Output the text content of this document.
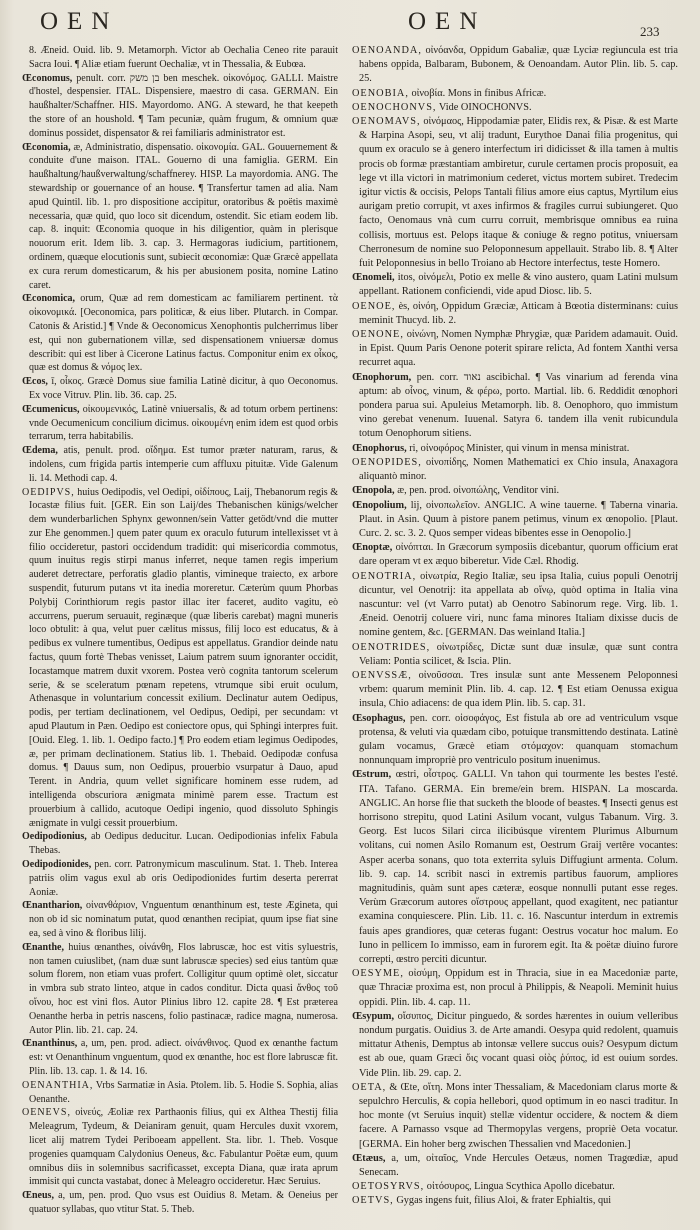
OEN	OEN	233

8. Æneid. Ouid. lib. 9. Metamorph. Victor ab Oechalia Ceneo rite parauit Sacra Ioui. ¶ Aliæ etiam fuerunt Oechaliæ, vt in Thessalia, & Eubœa.

Œconomus, penult. corr. בן משק ben meschek. οἰκονόμος. GALLI. Maistre d'hostel, despensier. ITAL. Dispensiere, maestro di casa. GERMAN. Ein haußhalter/Schaffner. HIS. Mayordomo. ANG. A steward, he that keepeth the store of an houshold. ¶ Tam pecuniæ, quàm frugum, & omnium quæ dominus possidet, dispensator & rei familiaris administrator est.

Œconomia, æ, Administratio, dispensatio. οἰκονομία. GAL. Gouuernement & conduite d'une maison. ITAL. Gouerno di una famiglia. GERM. Ein haußhaltung/haußverwaltung/schaffnerey. HISP. La mayordomia. ANG. The stewardship or gouernance of an house. ¶ Transfertur tamen ad alia. Nam apud Quintil. lib. 1. pro dispositione accipitur, oratoribus & poëtis maximè necessaria, quæ quid, quo loco sit dicendum, ostendit. Sic etiam eodem lib. cap. 8. inquit: Œconomia quoque in his diligentior, quàm in plerisque nouorum erit. Idem lib. 3. cap. 3. Hermagoras iudicium, partitionem, ordinem, quæque elocutionis sunt, subiecit œconomiæ: Quæ Græcè appellata ex cura rerum domesticarum, & his per abusionem posita, nomine Latino caret.

Œconomica, orum, Quæ ad rem domesticam ac familiarem pertinent. τὰ οἰκονομικά. [Oeconomica, pars politicæ, & eius liber. Plutarch. in Compar. Catonis & Aristid.] ¶ Vnde & Oeconomicus Xenophontis pulcherrimus liber est, qui non gubernationem villæ, sed dispensationem vniuersæ domus describit: qui est liber à Cicerone Latinus factus. Componitur enim ex οἶκος, quæ est domus & νόμος lex.

Œcos, ī, οἶκος. Græcè Domus siue familia Latinè dicitur, à quo Oeconomus. Ex voce Vitruv. Plin. lib. 36. cap. 25.

Œcumenicus, οἰκουμενικός, Latinè vniuersalis, & ad totum orbem pertinens: vnde Oecumenicum concilium dicimus. οἰκουμένη enim idem est quod orbis terrarum, terra habitabilis.

Œdema, atis, penult. prod. οἴδημα. Est tumor præter naturam, rarus, & indolens, cum frigida partis intemperie cum affluxu pituitæ. Vide Galenum li. 14. Methodi cap. 4.

OEDIPVS, huius Oedipodis, vel Oedipi, οἰδίπους, Laij, Thebanorum regis & Iocastæ filius fuit. [GER. Ein son Laij/des Thebanischen künigs/welcher dem wunderbarlichen Sphynx gewonnen/sein Vatter getödt/vnd die mutter zur Ehe genommen.] quem pater quum ex oraculo futurum intellexisset vt à filio occideretur, pastori occidendum tradidit: qui misericordia commotus, quum inuitus regis stirpi manus inferret, neque tamen regis imperium auderet detrectare, perforatis gladio plantis, vimineque traiecto, ex arbore suspendit, futurum putans vt ita inedia moreretur. Cæterùm quum Phorbas Polybij Corinthiorum regis pastor illac iter faceret, audito vagitu, eò accurrens, puerum seruauit, reginæque (quæ liberis carebat) magni muneris loco obtulit: à qua, velut puer cælitus missus, filij loco est educatus, & à pedibus ex vulnere tumentibus, Oedipus est appellatus. Grandior deinde natu factus, quum fortè Thebas venisset, Laium patrem suum ignoranter occidit, Iocastamque matrem duxit vxorem. Postea verò cognita tantorum scelerum serie, & se sceleratum pœnam repetens, vtrumque sibi eruit oculum, Athenasque in voluntarium concessit exilium. Declinatur autem Oedipus, podis, per tertiam declinationem, vel Oedipus, Oedipi, per secundam: vt apud Plautum in Pæn. Oedipo est coniectore opus, qui Sphingi interpres fuit. [Ouid. Eleg. 1. lib. 1. Oedipo facto.] ¶ Pro eodem etiam legimus Oedipodes, æ, per primam declinationem. Statius lib. 1. Thebaid. Oedipodæ confusa domus. ¶ Dauus sum, non Oedipus, prouerbio vsurpatur à Dauo, apud Terent. in Andria, quum vellet significare hominem esse rudem, ad intelligenda obscuriora ænigmata minimè parem esse. Tractum est prouerbium à callido, acutoque Oedipi ingenio, quod dissoluto Sphingis ænigmate in vulgi cessit prouerbium.

Oedipodionius, ab Oedipus deducitur. Lucan. Oedipodionias infelix Fabula Thebas.

Oedipodionides, pen. corr. Patronymicum masculinum. Stat. 1. Theb. Interea patriis olim vagus exul ab oris Oedipodionides furtim deserta pererrat Aoniæ.

Œnantharion, οἰνανθάριον, Vnguentum œnanthinum est, teste Ægineta, qui non ob id sic nominatum putat, quod œnanthen recipiat, quum ipse fiat sine ea, sed à vino & floribus lilij.

Œnanthe, huius œnanthes, οἰνάνθη, Flos labruscæ, hoc est vitis syluestris, non tamen cuiuslibet, (nam duæ sunt labruscæ species) sed eius tantùm quæ solum florem, non etiam vuas profert. Colligitur quum optimè olet, siccatur in vmbra sub strato linteo, atque in cados conditur. Dicta quasi ἄνθος τοῦ οἴνου, hoc est vini flos. Autor Plinius libro 12. capite 28. ¶ Est præterea Oenanthe herba in petris nascens, folio pastinacæ, radice magna, numerosa. Autor Plin. lib. 21. cap. 24.

Œnanthinus, a, um, pen. prod. adiect. οἰνάνθινος. Quod ex œnanthe factum est: vt Oenanthinum vnguentum, quod ex œnanthe, hoc est flore labruscæ fit. Plin. lib. 13. cap. 1. & 14. 16.

OENANTHIA, Vrbs Sarmatiæ in Asia. Ptolem. lib. 5. Hodie S. Sophia, alias Oenanthe.

OENEVS, οἰνεύς, Æoliæ rex Parthaonis filius, qui ex Althea Thestij filia Meleagrum, Tydeum, & Deianiram genuit, quam Hercules duxit vxorem, licet alij matrem Tydei Periboeam appellent. Sta. libr. 1. Theb. Vosque progenies quamquam Calydonius Oeneus, &c. Fabulantur Poëtæ eum, quum omnibus diis in solemnibus sacrificasset, excepta Diana, quæ irata aprum immisit qui cuncta vastabat, donec à Meleagro occideretur. Hæc Seruius.

Œneus, a, um, pen. prod. Quo vsus est Ouidius 8. Metam. & Oeneius per quatuor syllabas, quo vtitur Stat. 5. Theb.

OENOANDA, οἰνόανδα, Oppidum Gabaliæ, quæ Lyciæ regiuncula est tria habens oppida, Balbaram, Bubonem, & Oenoandam. Autor Plin. lib. 5. cap. 25.

OENOBIA, οἰνοβία. Mons in finibus Africæ.

OENOCHONVS, Vide OINOCHONVS.

OENOMAVS, οἰνόμαος, Hippodamiæ pater, Elidis rex, & Pisæ. & est Marte & Harpina Asopi, seu, vt alij tradunt, Eurythoe Danai filia progenitus, qui quum ex oraculo se à genero interfectum iri didicisset & illa tamen à multis procis ob formæ præstantiam ambiretur, curule certamen procis proposuit, ea lege vt illa victori in matrimonium cederet, victus mortem subiret. Tredecim igitur victis & occisis, Pelops Tantali filius amore eius captus, Myrtilum eius aurigam pretio corrupit, vt axes infirmos & fragiles currui subiungeret. Quo facto, Oenomaus vnà cum curru corruit, membrisque omnibus ea ruina collisis, mortuus est. Pelops itaque & coniuge & regno potitus, vniuersam Cherronesum de nomine suo Peloponnesum appellauit. Strabo lib. 8. ¶ Alter fuit Peloponnesius in bello Troiano ab Hectore interfectus, teste Homero.

Œnomeli, itos, οἰνόμελι, Potio ex melle & vino austero, quam Latini mulsum appellant. Rationem conficiendi, vide apud Diosc. lib. 5.

OENOE, ès, οἰνόη, Oppidum Græciæ, Atticam à Bœotia disterminans: cuius meminit Thucyd. lib. 2.

OENONE, οἰνώνη, Nomen Nymphæ Phrygiæ, quæ Paridem adamauit. Ouid. in Epist. Quum Paris Oenone poterit spirare relicta, Ad fontem Xanthi versa recurret aqua.

Œnophorum, pen. corr. נאוד ascibichal. ¶ Vas vinarium ad ferenda vina aptum: ab οἶνος, vinum, & φέρω, porto. Martial. lib. 6. Reddidit œnophori pondera parua sui. Apuleius Metamorph. lib. 8. Oenophoro, quo immistum vino gerebat venenum. Iuuenal. Satyra 6. tandem illa venit rubicundula totum Oenophorum sitiens.

Œnophorus, ri, οἰνοφόρος Minister, qui vinum in mensa ministrat.

OENOPIDES, οἰνοπίδης, Nomen Mathematici ex Chio insula, Anaxagora aliquantò minor.

Œnopola, æ, pen. prod. οἰνοπώλης, Venditor vini.

Œnopolium, lij, οἰνοπωλεῖον. ANGLIC. A wine tauerne. ¶ Taberna vinaria. Plaut. in Asin. Quum à pistore panem petimus, vinum ex œnopolio. [Plaut. Curc. 2. sc. 3. 2. Quos semper videas bibentes esse in Oenopolio.]

Œnoptæ, οἰνόπται. In Græcorum symposiis dicebantur, quorum officium erat dare operam vt ex æquo biberetur. Vide Cæl. Rhodig.

OENOTRIA, οἰνωτρία, Regio Italiæ, seu ipsa Italia, cuius populi Oenotrij dicuntur, vel Oenotrij: ita appellata ab οἴνῳ, quòd optima in Italia vina nascuntur: vel (vt Varro putat) ab Oenotro Sabinorum rege. Virg. lib. 1. Æneid. Oenotrij coluere viri, nunc fama minores Italiam dixisse ducis de nomine gentem, &c. [GERMAN. Das weinland Italia.]

OENOTRIDES, οἰνωτρίδες, Dictæ sunt duæ insulæ, quæ sunt contra Veliam: Pontia scilicet, & Iscia. Plin.

OENVSSÆ, οἰνοῦσσαι. Tres insulæ sunt ante Messenem Peloponnesi vrbem: quarum meminit Plin. lib. 4. cap. 12. ¶ Est etiam Oenussa exigua insula, Chio adiacens: de qua idem Plin. lib. 5. cap. 31.

Œsophagus, pen. corr. οἰσοφάγος, Est fistula ab ore ad ventriculum vsque protensa, & veluti via quædam cibo, potuique transmittendo destinata. Latinè gulam vocamus, Græcè etiam στόμαχον: quanquam stomachum nonnunquam impropriè pro ventriculo positum inuenimus.

Œstrum, œstri, οἶστρος. GALLI. Vn tahon qui tourmente les bestes l'esté. ITA. Tafano. GERMA. Ein breme/ein brem. HISPAN. La moscarda. ANGLIC. An horse flie that sucketh the bloode of beastes. ¶ Insecti genus est horrisono strepitu, quod Latini Asilum vocant, vulgus Tabanum. Virg. 3. Georg. Est lucos Silari circa ilicibúsque virentem Plurimus Alburnum volitans, cui nomen Asilo Romanum est, Oestrum Graij vertêre vocantes: Asper acerba sonans, quo tota exterrita syluis Diffugiunt armenta. Colum. lib. 9. cap. 14. scribit nasci in extremis partibus fauorum, ampliores magnitudinis, quàm sunt apes cæteræ, eosque nonnulli putant esse reges. Verùm Græcorum autores οἴστρους appellant, quod exagitent, nec patiantur examina conquiescere. Plin. Lib. 11. c. 16. Nascuntur interdum in extremis fauis apes grandiores, quæ ceteras fugant: Oestrus vocatur hoc malum. Eo Iuno in pellicem Io immisso, eam in furorem egit. Ita & poëtæ diuino furore correpti, œstro perciti dicuntur.

OESYME, οἰσύμη, Oppidum est in Thracia, siue in ea Macedoniæ parte, quæ Thraciæ proxima est, non procul à Philippis, & Neapoli. Meminit huius oppidi. Plin. lib. 4. cap. 11.

Œsypum, οἴσυπος, Dicitur pinguedo, & sordes hærentes in ouium velleribus nondum purgatis. Ouidius 3. de Arte amandi. Oesypa quid redolent, quamuis mittatur Athenis, Demptus ab intonsæ vellere succus ouis? Oesypum dictum est ab oue, quam Græci ὄις vocant quasi οἰὸς ῥύπος, id est ouium sordes. Vide Plin. lib. 29. cap. 2.

OETA, & Œte, οἴτη. Mons inter Thessaliam, & Macedoniam clarus morte & sepulchro Herculis, & copia hellebori, quod optimum in eo nasci traditur. In hoc monte (vt Seruius inquit) stellæ videntur occidere, & noctem & diem facere. A Parnasso vsque ad Thermopylas vergens, propriè Oeta vocatur. [GERMA. Ein hoher berg zwischen Thessalien vnd Macedonien.]

Œtæus, a, um, οἰταῖος, Vnde Hercules Oetæus, nomen Tragœdiæ, apud Senecam.

OETOSYRVS, οἰτόσυρος, Lingua Scythica Apollo dicebatur.

OETVS, Gygas ingens fuit, filius Aloi, & frater Ephialtis, qui
